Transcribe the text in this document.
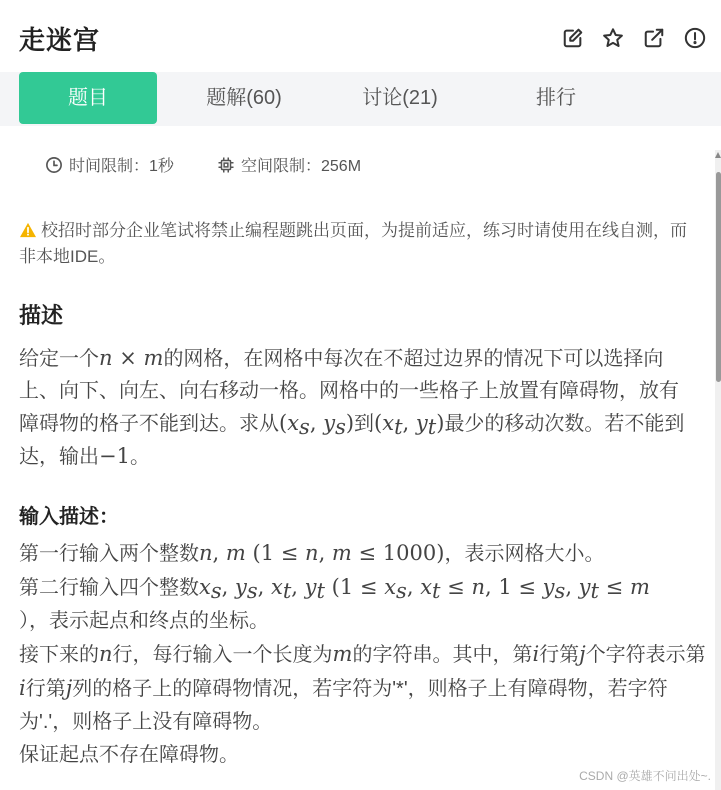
走迷宫
题目	题解(60)	讨论(21)	排行
时间限制：1秒	空间限制：256M
校招时部分企业笔试将禁止编程题跳出页面，为提前适应，练习时请使用在线自测，而非本地IDE。
描述
给定一个n × m的网格，在网格中每次在不超过边界的情况下可以选择向上、向下、向左、向右移动一格。网格中的一些格子上放置有障碍物，放有障碍物的格子不能到达。求从($x_s$, $y_s$)到($x_t$, $y_t$)最少的移动次数。若不能到达，输出−1。
输入描述：
第一行输入两个整数n, m (1 ≤ n, m ≤ 1000)，表示网格大小。
第二行输入四个整数$x_s$, $y_s$, $x_t$, $y_t$ ($1 \le x_s$, $x_t \le n$, $1 \le y_s$, $y_t \le m$
），表示起点和终点的坐标。
接下来的n行，每行输入一个长度为m的字符串。其中，第i行第j个字符表示第i行第j列的格子上的障碍物情况，若字符为'*'，则格子上有障碍物，若字符为'.'，则格子上没有障碍物。
保证起点不存在障碍物。
CSDN @英雄不问出处~.
